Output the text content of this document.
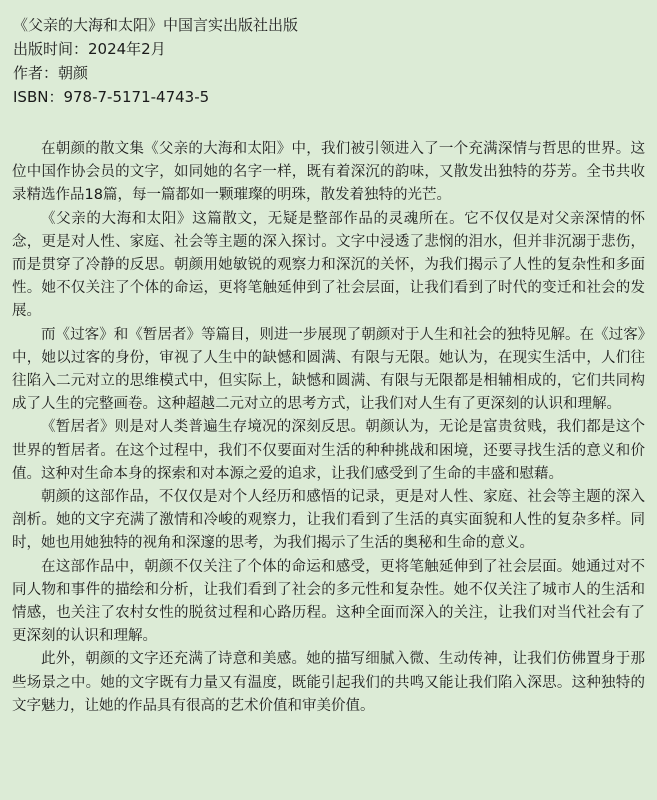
《父亲的大海和太阳》中国言实出版社出版
出版时间：2024年2月
作者：朝颜
ISBN：978-7-5171-4743-5

在朝颜的散文集《父亲的大海和太阳》中，我们被引领进入了一个充满深情与哲思的世界。这位中国作协会员的文字，如同她的名字一样，既有着深沉的韵味，又散发出独特的芬芳。全书共收录精选作品18篇，每一篇都如一颗璀璨的明珠，散发着独特的光芒。

《父亲的大海和太阳》这篇散文，无疑是整部作品的灵魂所在。它不仅仅是对父亲深情的怀念，更是对人性、家庭、社会等主题的深入探讨。文字中浸透了悲悯的泪水，但并非沉溺于悲伤，而是贯穿了冷静的反思。朝颜用她敏锐的观察力和深沉的关怀，为我们揭示了人性的复杂性和多面性。她不仅关注了个体的命运，更将笔触延伸到了社会层面，让我们看到了时代的变迁和社会的发展。

而《过客》和《暂居者》等篇目，则进一步展现了朝颜对于人生和社会的独特见解。在《过客》中，她以过客的身份，审视了人生中的缺憾和圆满、有限与无限。她认为，在现实生活中，人们往往陷入二元对立的思维模式中，但实际上，缺憾和圆满、有限与无限都是相辅相成的，它们共同构成了人生的完整画卷。这种超越二元对立的思考方式，让我们对人生有了更深刻的认识和理解。

《暂居者》则是对人类普遍生存境况的深刻反思。朝颜认为，无论是富贵贫贱，我们都是这个世界的暂居者。在这个过程中，我们不仅要面对生活的种种挑战和困境，还要寻找生活的意义和价值。这种对生命本身的探索和对本源之爱的追求，让我们感受到了生命的丰盛和慰藉。

朝颜的这部作品，不仅仅是对个人经历和感悟的记录，更是对人性、家庭、社会等主题的深入剖析。她的文字充满了激情和冷峻的观察力，让我们看到了生活的真实面貌和人性的复杂多样。同时，她也用她独特的视角和深邃的思考，为我们揭示了生活的奥秘和生命的意义。

在这部作品中，朝颜不仅关注了个体的命运和感受，更将笔触延伸到了社会层面。她通过对不同人物和事件的描绘和分析，让我们看到了社会的多元性和复杂性。她不仅关注了城市人的生活和情感，也关注了农村女性的脱贫过程和心路历程。这种全面而深入的关注，让我们对当代社会有了更深刻的认识和理解。

此外，朝颜的文字还充满了诗意和美感。她的描写细腻入微、生动传神，让我们仿佛置身于那些场景之中。她的文字既有力量又有温度，既能引起我们的共鸣又能让我们陷入深思。这种独特的文字魅力，让她的作品具有很高的艺术价值和审美价值。
